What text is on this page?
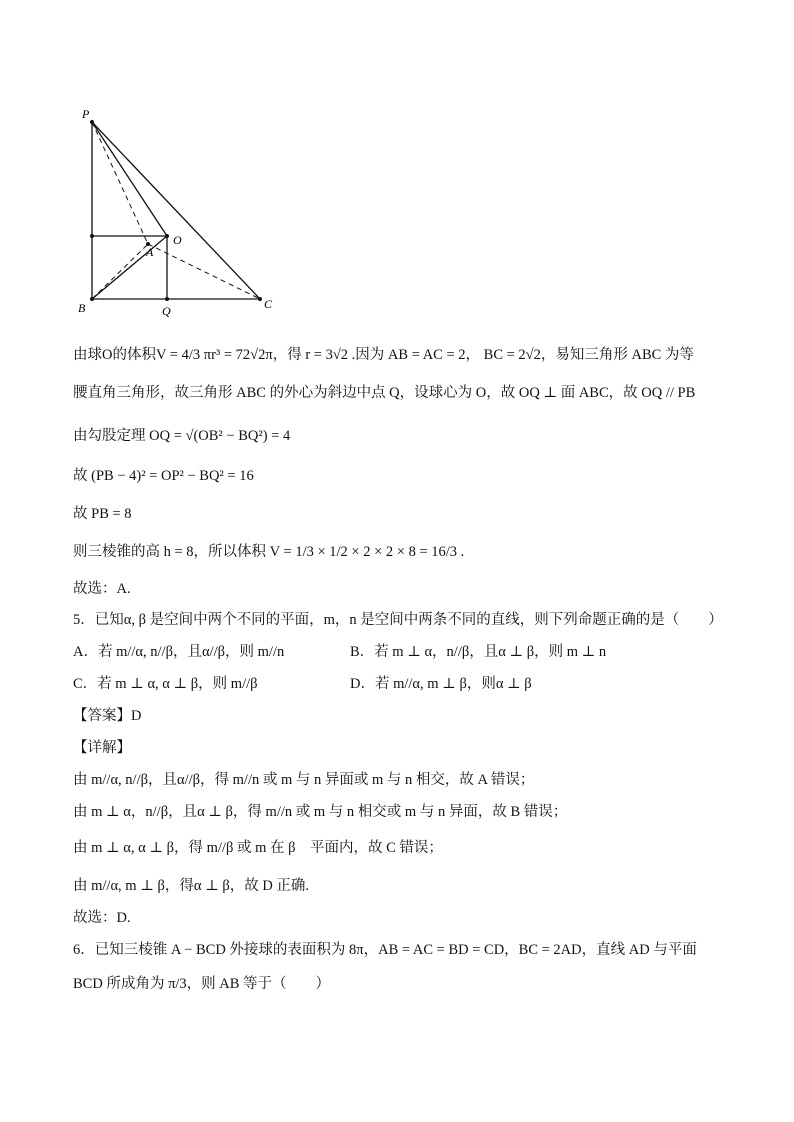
P
O
A
B	Q	C
由球O的体积V = 4/3 πr³ = 72√2π，得 r = 3√2 .因为 AB = AC = 2， BC = 2√2，易知三角形 ABC 为等
腰直角三角形，故三角形 ABC 的外心为斜边中点 Q，设球心为 O，故 OQ ⊥ 面 ABC，故 OQ // PB
由勾股定理 OQ = √(OB² − BQ²) = 4
故 (PB − 4)² = OP² − BQ² = 16
故 PB = 8
则三棱锥的高 h = 8，所以体积 V = 1/3 × 1/2 × 2 × 2 × 8 = 16/3 .
故选：A.
5．已知α, β 是空间中两个不同的平面，m，n 是空间中两条不同的直线，则下列命题正确的是（　　）
A．若 m//α, n//β，且α//β，则 m//n	B．若 m ⊥ α，n//β，且α ⊥ β，则 m ⊥ n
C．若 m ⊥ α, α ⊥ β，则 m//β	D．若 m//α, m ⊥ β，则α ⊥ β
【答案】D
【详解】
由 m//α, n//β，且α//β，得 m//n 或 m 与 n 异面或 m 与 n 相交，故 A 错误；
由 m ⊥ α，n//β，且α ⊥ β，得 m//n 或 m 与 n 相交或 m 与 n 异面，故 B 错误；
由 m ⊥ α, α ⊥ β，得 m//β 或 m 在 β　平面内，故 C 错误；
由 m//α, m ⊥ β，得α ⊥ β，故 D 正确.
故选：D.
6．已知三棱锥 A − BCD 外接球的表面积为 8π，AB = AC = BD = CD，BC = 2AD，直线 AD 与平面
BCD 所成角为 π/3，则 AB 等于（　　）
